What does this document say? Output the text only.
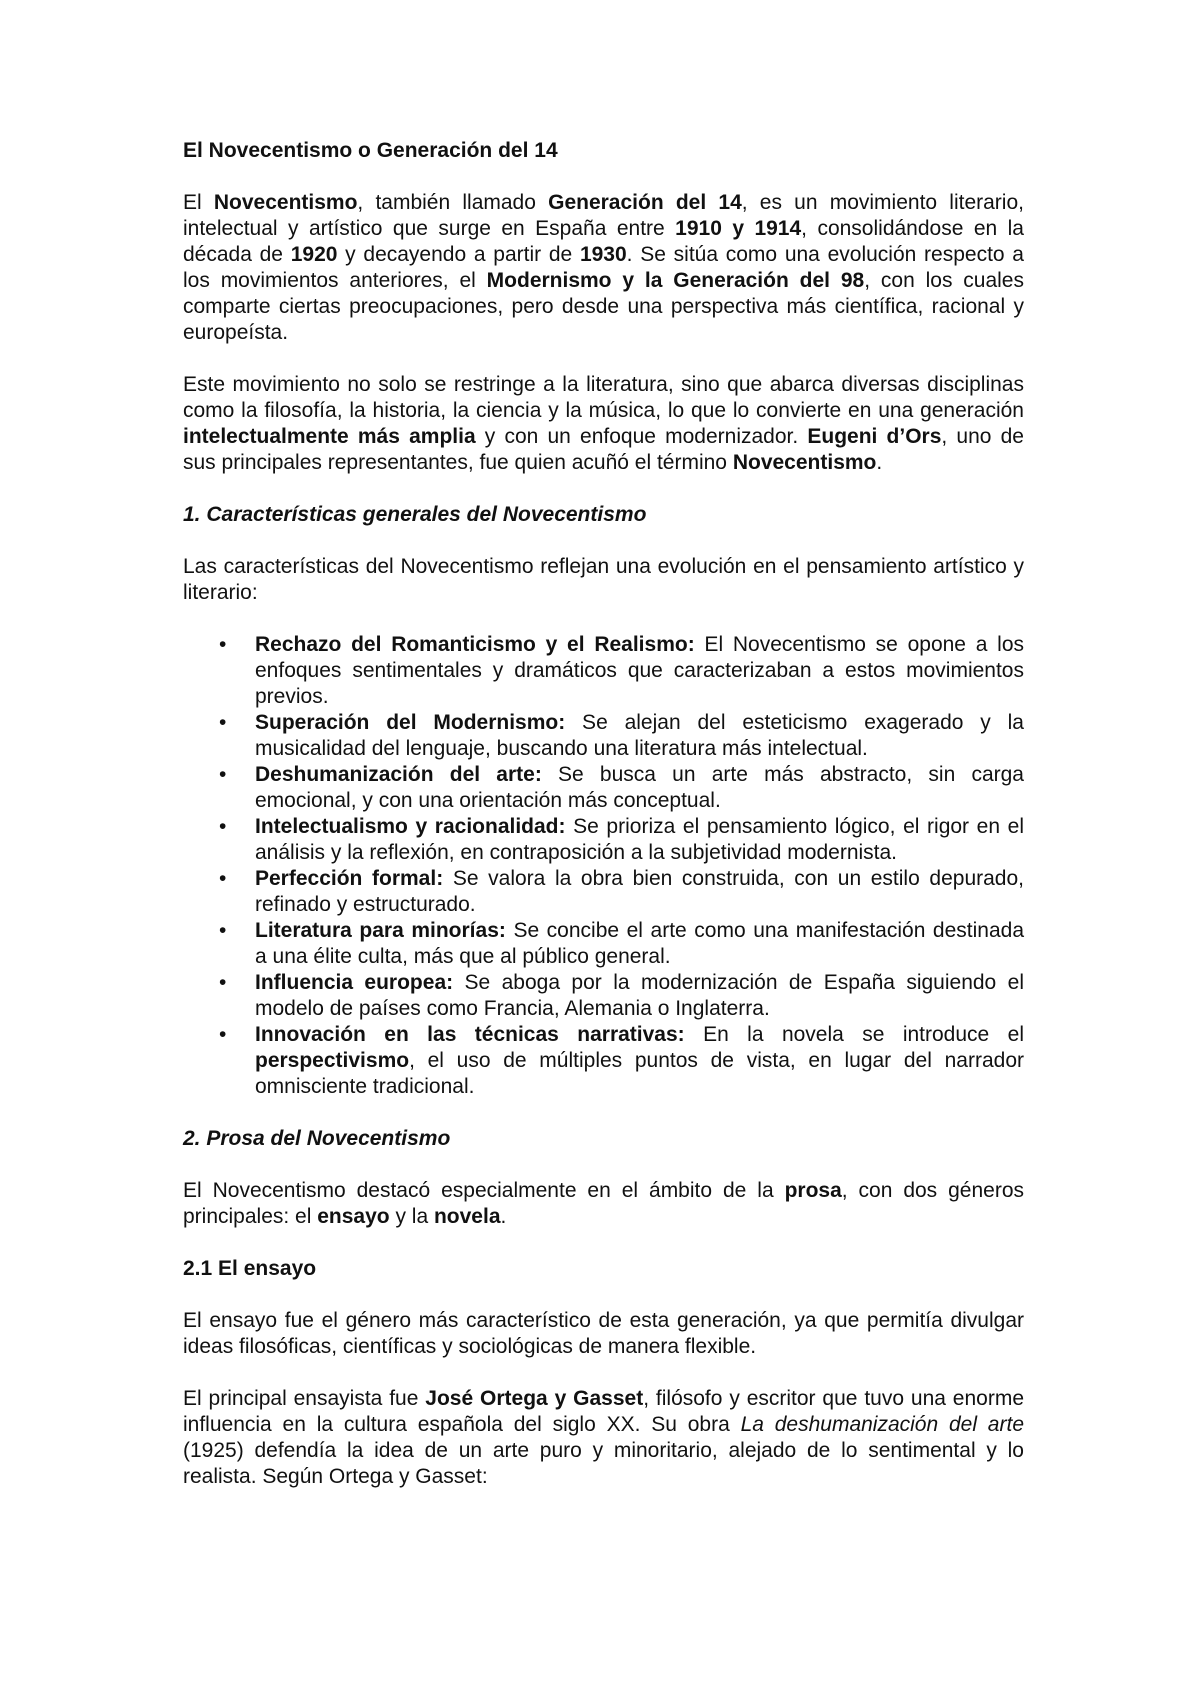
El Novecentismo o Generación del 14

El Novecentismo, también llamado Generación del 14, es un movimiento literario, intelectual y artístico que surge en España entre 1910 y 1914, consolidándose en la década de 1920 y decayendo a partir de 1930. Se sitúa como una evolución respecto a los movimientos anteriores, el Modernismo y la Generación del 98, con los cuales comparte ciertas preocupaciones, pero desde una perspectiva más científica, racional y europeísta.

Este movimiento no solo se restringe a la literatura, sino que abarca diversas disciplinas como la filosofía, la historia, la ciencia y la música, lo que lo convierte en una generación intelectualmente más amplia y con un enfoque modernizador. Eugeni d’Ors, uno de sus principales representantes, fue quien acuñó el término Novecentismo.

1. Características generales del Novecentismo

Las características del Novecentismo reflejan una evolución en el pensamiento artístico y literario:

• Rechazo del Romanticismo y el Realismo: El Novecentismo se opone a los enfoques sentimentales y dramáticos que caracterizaban a estos movimientos previos.
• Superación del Modernismo: Se alejan del esteticismo exagerado y la musicalidad del lenguaje, buscando una literatura más intelectual.
• Deshumanización del arte: Se busca un arte más abstracto, sin carga emocional, y con una orientación más conceptual.
• Intelectualismo y racionalidad: Se prioriza el pensamiento lógico, el rigor en el análisis y la reflexión, en contraposición a la subjetividad modernista.
• Perfección formal: Se valora la obra bien construida, con un estilo depurado, refinado y estructurado.
• Literatura para minorías: Se concibe el arte como una manifestación destinada a una élite culta, más que al público general.
• Influencia europea: Se aboga por la modernización de España siguiendo el modelo de países como Francia, Alemania o Inglaterra.
• Innovación en las técnicas narrativas: En la novela se introduce el perspectivismo, el uso de múltiples puntos de vista, en lugar del narrador omnisciente tradicional.
2. Prosa del Novecentismo

El Novecentismo destacó especialmente en el ámbito de la prosa, con dos géneros principales: el ensayo y la novela.

2.1 El ensayo

El ensayo fue el género más característico de esta generación, ya que permitía divulgar ideas filosóficas, científicas y sociológicas de manera flexible.

El principal ensayista fue José Ortega y Gasset, filósofo y escritor que tuvo una enorme influencia en la cultura española del siglo XX. Su obra La deshumanización del arte (1925) defendía la idea de un arte puro y minoritario, alejado de lo sentimental y lo realista. Según Ortega y Gasset:
